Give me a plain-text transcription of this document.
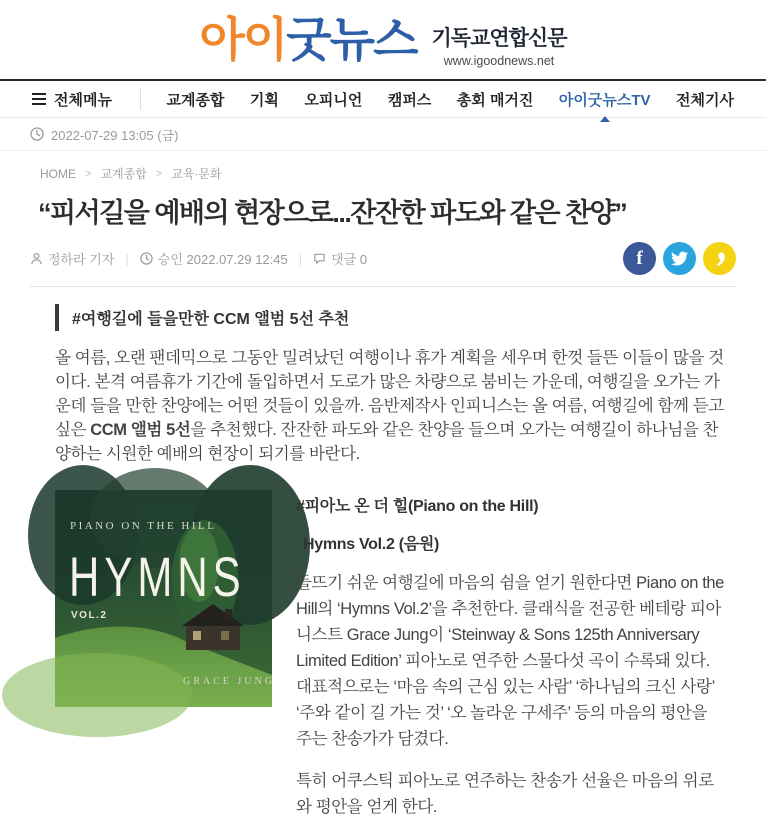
아이굿뉴스 기독교연합신문
www.igoodnews.net
전체메뉴	교계종합 기획 오피니언 캠퍼스 총회 매거진 아이굿뉴스TV 전체기사
2022-07-29 13:05 (금)
HOME > 교계종합 > 교육·문화
“피서길을 예배의 현장으로...잔잔한 파도와 같은 찬양”
정하라 기자 | 승인 2022.07.29 12:45 | 댓글 0	f
#여행길에 들을만한 CCM 앨범 5선 추천

올 여름, 오랜 팬데믹으로 그동안 밀려났던 여행이나 휴가 계획을 세우며 한껏 들뜬 이들이 많을 것이다. 본격 여름휴가 기간에 돌입하면서 도로가 많은 차량으로 붐비는 가운데, 여행길을 오가는 가운데 들을 만한 찬양에는 어떤 것들이 있을까. 음반제작사 인피니스는 올 여름, 여행길에 함께 듣고 싶은 CCM 앨범 5선을 추천했다. 잔잔한 파도와 같은 찬양을 들으며 오가는 여행길이 하나님을 찬양하는 시원한 예배의 현장이 되기를 바란다.

PIANO ON THE HILL
HYMNS
VOL.2
GRACE JUNG
#피아노 온 더 힐(Piano on the Hill)
Hymns Vol.2 (음원)

들뜨기 쉬운 여행길에 마음의 쉼을 얻기 원한다면 Piano on the Hill의 ‘Hymns Vol.2’을 추천한다. 클래식을 전공한 베테랑 피아니스트 Grace Jung이 ‘Steinway & Sons 125th Anniversary Limited Edition’ 피아노로 연주한 스물다섯 곡이 수록돼 있다. 대표적으로는 ‘마음 속의 근심 있는 사람’ ‘하나님의 크신 사랑’ ‘주와 같이 길 가는 것’ ‘오 놀라운 구세주’ 등의 마음의 평안을 주는 찬송가가 담겼다.

특히 어쿠스틱 피아노로 연주하는 찬송가 선율은 마음의 위로와 평안을 얻게 한다.
